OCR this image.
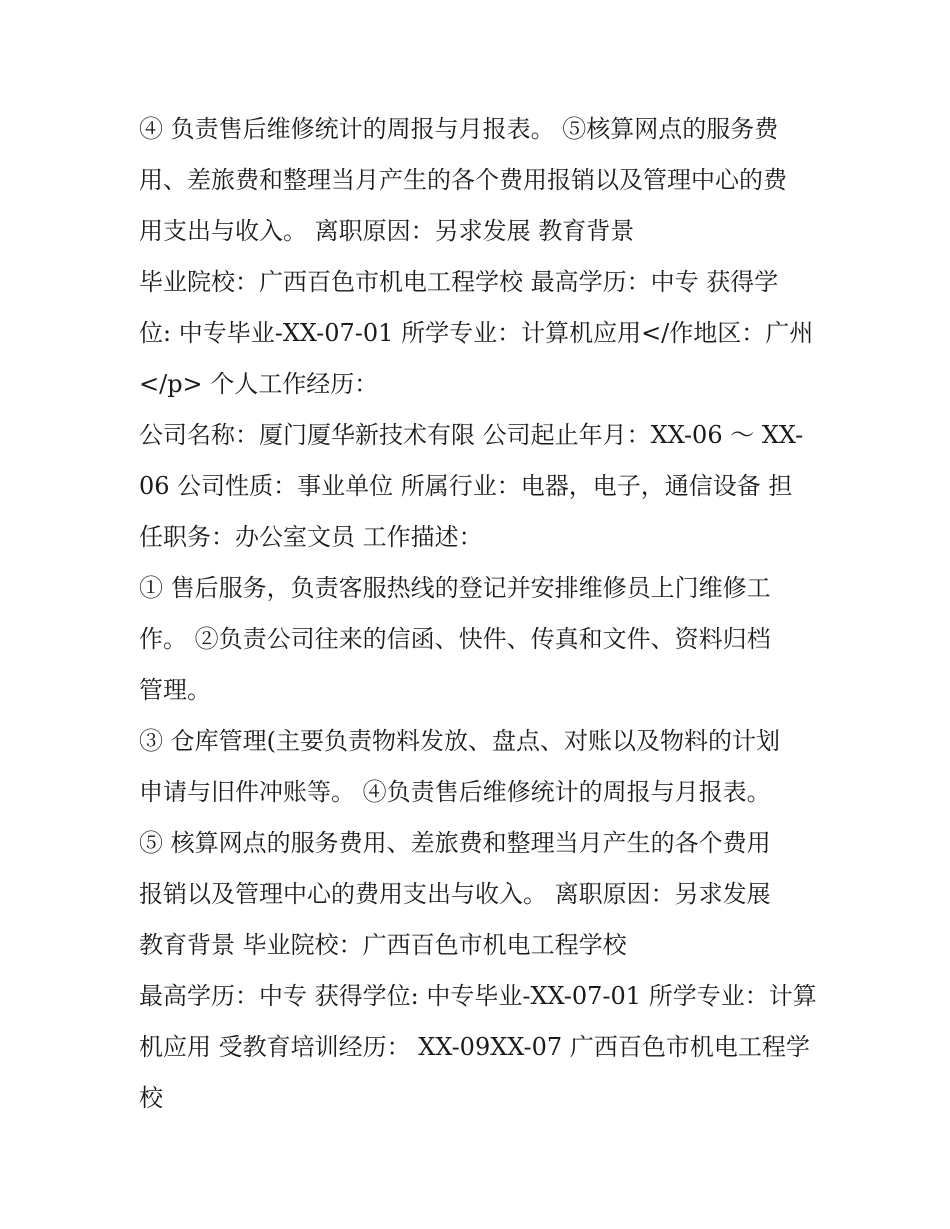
④ 负责售后维修统计的周报与月报表。 ⑤核算网点的服务费
用、差旅费和整理当月产生的各个费用报销以及管理中心的费
用支出与收入。 离职原因：另求发展 教育背景
毕业院校：广西百色市机电工程学校 最高学历：中专 获得学
位: 中专毕业-XX-07-01 所学专业：计算机应用</作地区：广州
</p> 个人工作经历：
公司名称：厦门厦华新技术有限 公司起止年月：XX-06 ～ XX-
06 公司性质：事业单位 所属行业：电器，电子，通信设备 担
任职务：办公室文员 工作描述：
① 售后服务，负责客服热线的登记并安排维修员上门维修工
作。 ②负责公司往来的信函、快件、传真和文件、资料归档
管理。
③ 仓库管理(主要负责物料发放、盘点、对账以及物料的计划
申请与旧件冲账等。 ④负责售后维修统计的周报与月报表。
⑤ 核算网点的服务费用、差旅费和整理当月产生的各个费用
报销以及管理中心的费用支出与收入。 离职原因：另求发展
教育背景 毕业院校：广西百色市机电工程学校
最高学历：中专 获得学位: 中专毕业-XX-07-01 所学专业：计算
机应用 受教育培训经历： XX-09XX-07 广西百色市机电工程学
校
